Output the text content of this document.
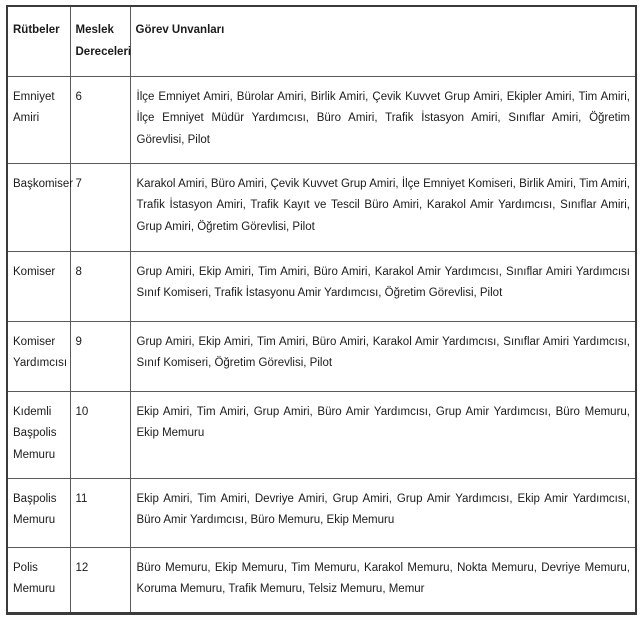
Rütbeler	Meslek Dereceleri	Görev Unvanları
Emniyet Amiri	6	İlçe Emniyet Amiri, Bürolar Amiri, Birlik Amiri, Çevik Kuvvet Grup Amiri, Ekipler Amiri, Tim Amiri, İlçe Emniyet Müdür Yardımcısı, Büro Amiri, Trafik İstasyon Amiri, Sınıflar Amiri, Öğretim Görevlisi, Pilot
Başkomiser	7	Karakol Amiri, Büro Amiri, Çevik Kuvvet Grup Amiri, İlçe Emniyet Komiseri, Birlik Amiri, Tim Amiri, Trafik İstasyon Amiri, Trafik Kayıt ve Tescil Büro Amiri, Karakol Amir Yardımcısı, Sınıflar Amiri, Grup Amiri, Öğretim Görevlisi, Pilot
Komiser	8	Grup Amiri, Ekip Amiri, Tim Amiri, Büro Amiri, Karakol Amir Yardımcısı, Sınıflar Amiri Yardımcısı Sınıf Komiseri, Trafik İstasyonu Amir Yardımcısı, Öğretim Görevlisi, Pilot
Komiser Yardımcısı	9	Grup Amiri, Ekip Amiri, Tim Amiri, Büro Amiri, Karakol Amir Yardımcısı, Sınıflar Amiri Yardımcısı, Sınıf Komiseri, Öğretim Görevlisi, Pilot
Kıdemli Başpolis Memuru	10	Ekip Amiri, Tim Amiri, Grup Amiri, Büro Amir Yardımcısı, Grup Amir Yardımcısı, Büro Memuru, Ekip Memuru
Başpolis Memuru	11	Ekip Amiri, Tim Amiri, Devriye Amiri, Grup Amiri, Grup Amir Yardımcısı, Ekip Amir Yardımcısı, Büro Amir Yardımcısı, Büro Memuru, Ekip Memuru
Polis Memuru	12	Büro Memuru, Ekip Memuru, Tim Memuru, Karakol Memuru, Nokta Memuru, Devriye Memuru, Koruma Memuru, Trafik Memuru, Telsiz Memuru, Memur
